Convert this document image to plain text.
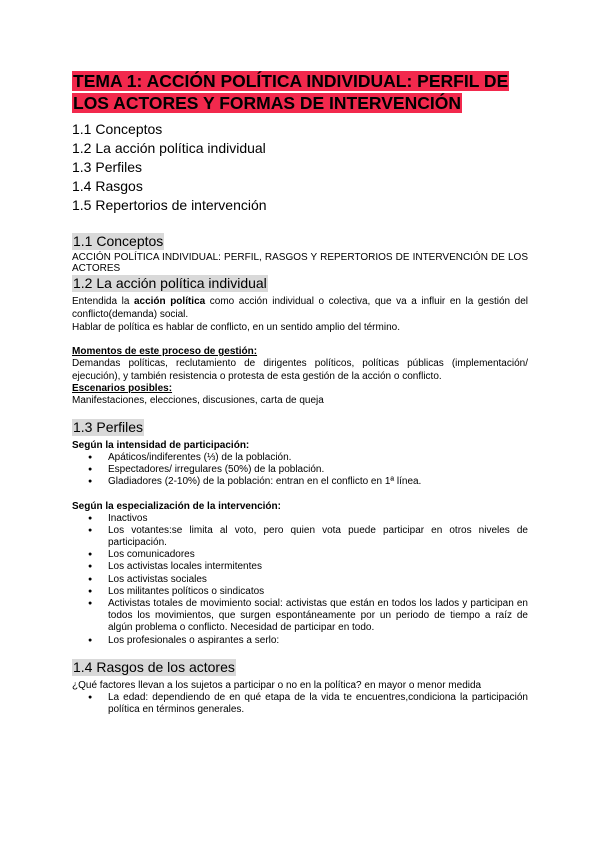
TEMA 1: ACCIÓN POLÍTICA INDIVIDUAL: PERFIL DE
LOS ACTORES Y FORMAS DE INTERVENCIÓN
1.1 Conceptos
1.2 La acción política individual
1.3 Perfiles
1.4 Rasgos
1.5 Repertorios de intervención
1.1 Conceptos

ACCIÓN POLÍTICA INDIVIDUAL: PERFIL, RASGOS Y REPERTORIOS DE INTERVENCIÓN DE LOS ACTORES

1.2 La acción política individual

Entendida la acción política como acción individual o colectiva, que va a influir en la gestión del conflicto(demanda) social.

Hablar de política es hablar de conflicto, en un sentido amplio del término.

Momentos de este proceso de gestión:

Demandas políticas, reclutamiento de dirigentes políticos, políticas públicas (implementación/ ejecución), y también resistencia o protesta de esta gestión de la acción o conflicto.

Escenarios posibles:

Manifestaciones, elecciones, discusiones, carta de queja

1.3 Perfiles

Según la intensidad de participación:

● Apáticos/indiferentes (⅓) de la población.
● Espectadores/ irregulares (50%) de la población.
● Gladiadores (2-10%) de la población: entran en el conflicto en 1ª línea.

Según la especialización de la intervención:

● Inactivos
● Los votantes:se limita al voto, pero quien vota puede participar en otros niveles de participación.
● Los comunicadores
● Los activistas locales intermitentes
● Los activistas sociales
● Los militantes políticos o sindicatos
● Activistas totales de movimiento social: activistas que están en todos los lados y participan en todos los movimientos, que surgen espontáneamente por un periodo de tiempo a raíz de algún problema o conflicto. Necesidad de participar en todo.
● Los profesionales o aspirantes a serlo:
1.4 Rasgos de los actores

¿Qué factores llevan a los sujetos a participar o no en la política? en mayor o menor medida

● La edad: dependiendo de en qué etapa de la vida te encuentres,condiciona la participación política en términos generales.
